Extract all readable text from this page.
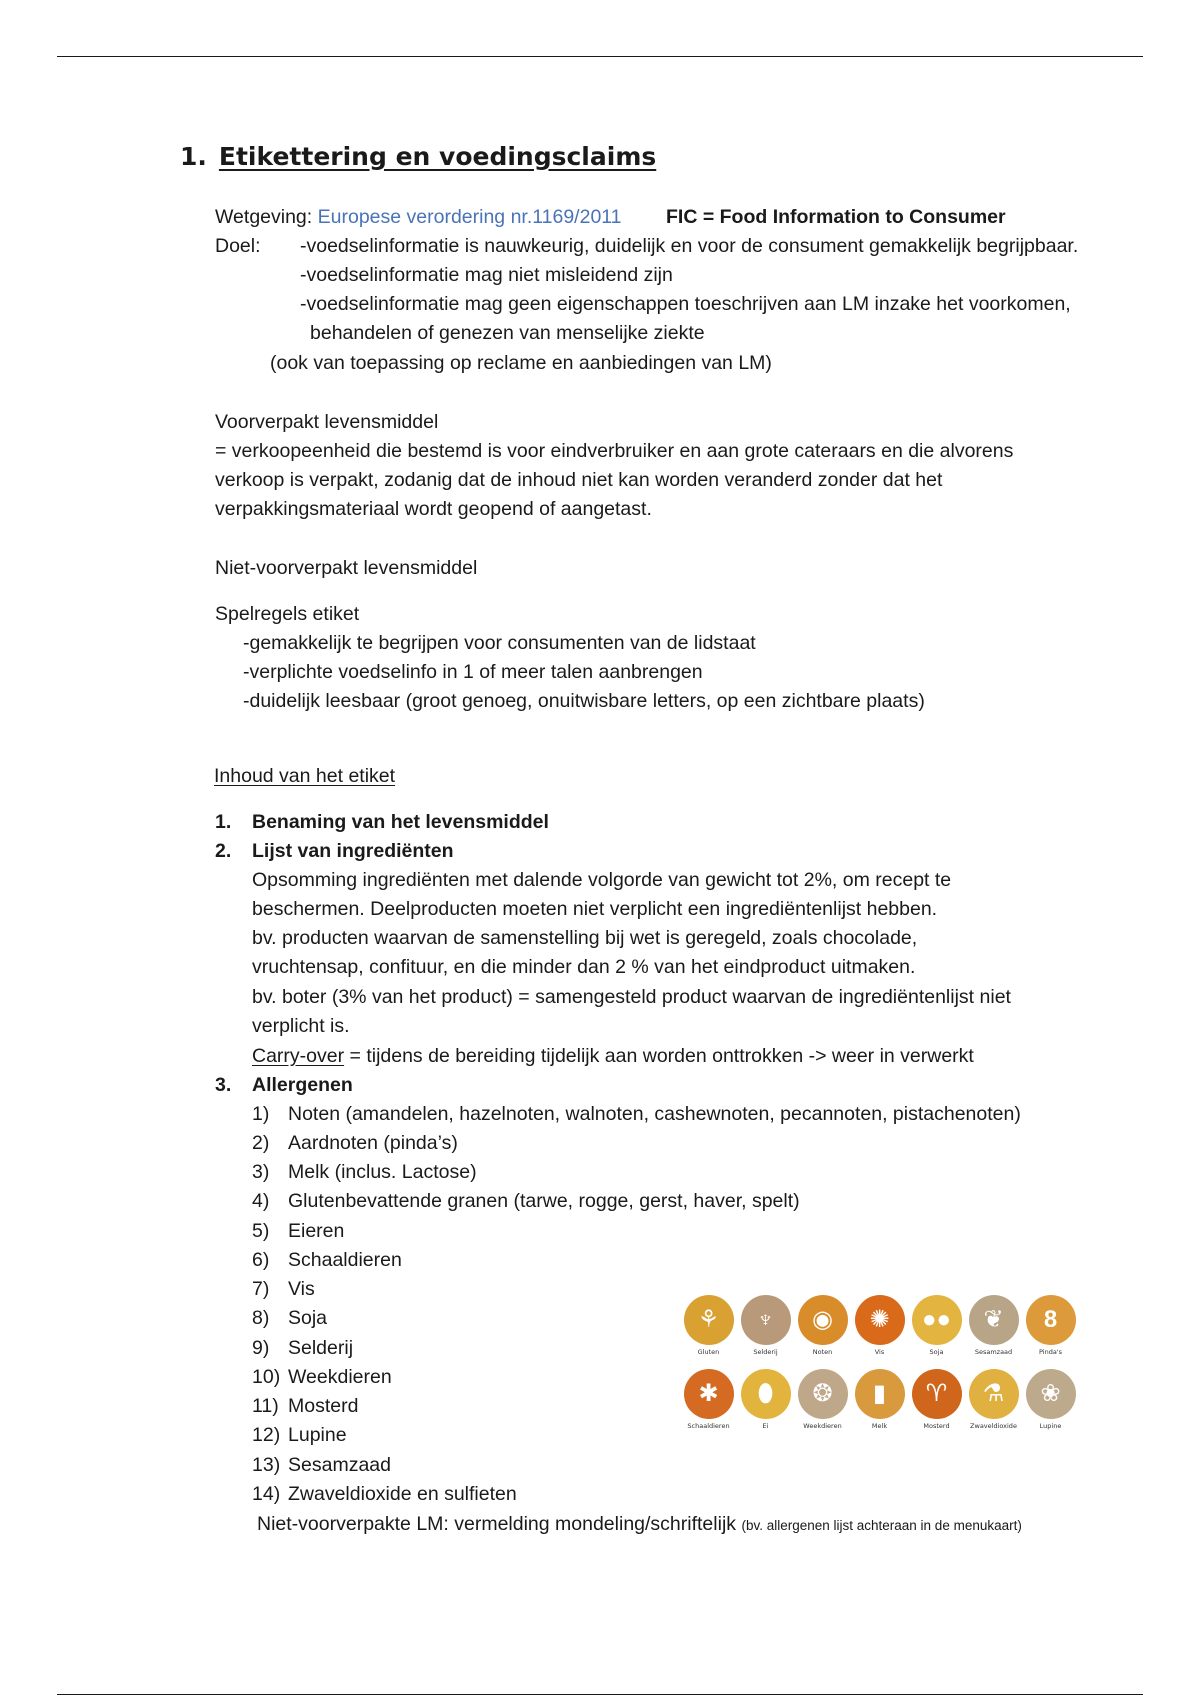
1. Etikettering en voedingsclaims
Wetgeving: Europese verordering nr.1169/2011 FIC = Food Information to Consumer
Doel: -voedselinformatie is nauwkeurig, duidelijk en voor de consument gemakkelijk begrijpbaar.
-voedselinformatie mag niet misleidend zijn
-voedselinformatie mag geen eigenschappen toeschrijven aan LM inzake het voorkomen,
behandelen of genezen van menselijke ziekte
(ook van toepassing op reclame en aanbiedingen van LM)
Voorverpakt levensmiddel
= verkoopeenheid die bestemd is voor eindverbruiker en aan grote cateraars en die alvorens
verkoop is verpakt, zodanig dat de inhoud niet kan worden veranderd zonder dat het
verpakkingsmateriaal wordt geopend of aangetast.
Niet-voorverpakt levensmiddel
Spelregels etiket
-gemakkelijk te begrijpen voor consumenten van de lidstaat
-verplichte voedselinfo in 1 of meer talen aanbrengen
-duidelijk leesbaar (groot genoeg, onuitwisbare letters, op een zichtbare plaats)
Inhoud van het etiket
1. Benaming van het levensmiddel
2. Lijst van ingrediënten
Opsomming ingrediënten met dalende volgorde van gewicht tot 2%, om recept te
beschermen. Deelproducten moeten niet verplicht een ingrediëntenlijst hebben.
bv. producten waarvan de samenstelling bij wet is geregeld, zoals chocolade,
vruchtensap, confituur, en die minder dan 2 % van het eindproduct uitmaken.
bv. boter (3% van het product) = samengesteld product waarvan de ingrediëntenlijst niet
verplicht is.
Carry-over = tijdens de bereiding tijdelijk aan worden onttrokken -> weer in verwerkt
3. Allergenen
1) Noten (amandelen, hazelnoten, walnoten, cashewnoten, pecannoten, pistachenoten)
2) Aardnoten (pinda’s)
3) Melk (inclus. Lactose)
4) Glutenbevattende granen (tarwe, rogge, gerst, haver, spelt)
5) Eieren
6) Schaaldieren
7) Vis
8) Soja
9) Selderij
10) Weekdieren
11) Mosterd
12) Lupine
13) Sesamzaad
14) Zwaveldioxide en sulfieten
Niet-voorverpakte LM: vermelding mondeling/schriftelijk (bv. allergenen lijst achteraan in de menukaart)
⚘
Gluten
♆
Selderij
◉
Noten
✺
Vis
●●
Soja
❦
Sesamzaad
8
Pinda's
✱
Schaaldieren
⬮
Ei
❂
Weekdieren
▮
Melk
♈
Mosterd
⚗
Zwaveldioxide
❀
Lupine
